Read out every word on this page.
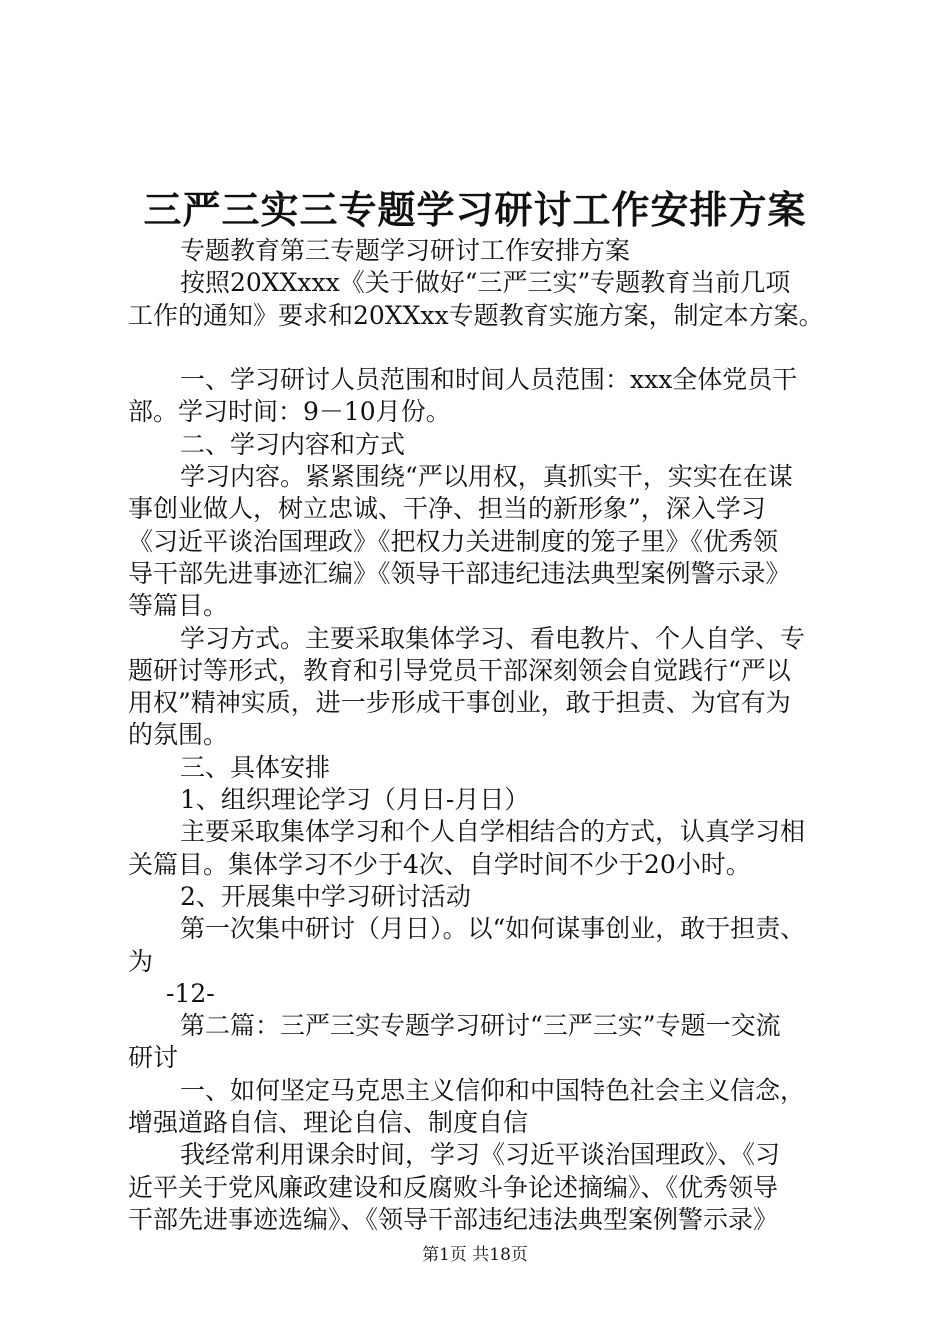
三严三实三专题学习研讨工作安排方案
专题教育第三专题学习研讨工作安排方案
按照20XXxxx《关于做好“三严三实”专题教育当前几项
工作的通知》要求和20XXxx专题教育实施方案，制定本方案。
一、学习研讨人员范围和时间人员范围：xxx全体党员干
部。学习时间：9－10月份。
二、学习内容和方式
学习内容。紧紧围绕“严以用权，真抓实干，实实在在谋
事创业做人，树立忠诚、干净、担当的新形象”，深入学习
《习近平谈治国理政》《把权力关进制度的笼子里》《优秀领
导干部先进事迹汇编》《领导干部违纪违法典型案例警示录》
等篇目。
学习方式。主要采取集体学习、看电教片、个人自学、专
题研讨等形式，教育和引导党员干部深刻领会自觉践行“严以
用权”精神实质，进一步形成干事创业，敢于担责、为官有为
的氛围。
三、具体安排
1、组织理论学习（月日-月日）
主要采取集体学习和个人自学相结合的方式，认真学习相
关篇目。集体学习不少于4次、自学时间不少于20小时。
2、开展集中学习研讨活动
第一次集中研讨（月日）。以“如何谋事创业，敢于担责、
为
-12-
第二篇：三严三实专题学习研讨“三严三实”专题一交流
研讨
一、如何坚定马克思主义信仰和中国特色社会主义信念，
增强道路自信、理论自信、制度自信
我经常利用课余时间，学习《习近平谈治国理政》、《习
近平关于党风廉政建设和反腐败斗争论述摘编》、《优秀领导
干部先进事迹选编》、《领导干部违纪违法典型案例警示录》
第1页 共18页
